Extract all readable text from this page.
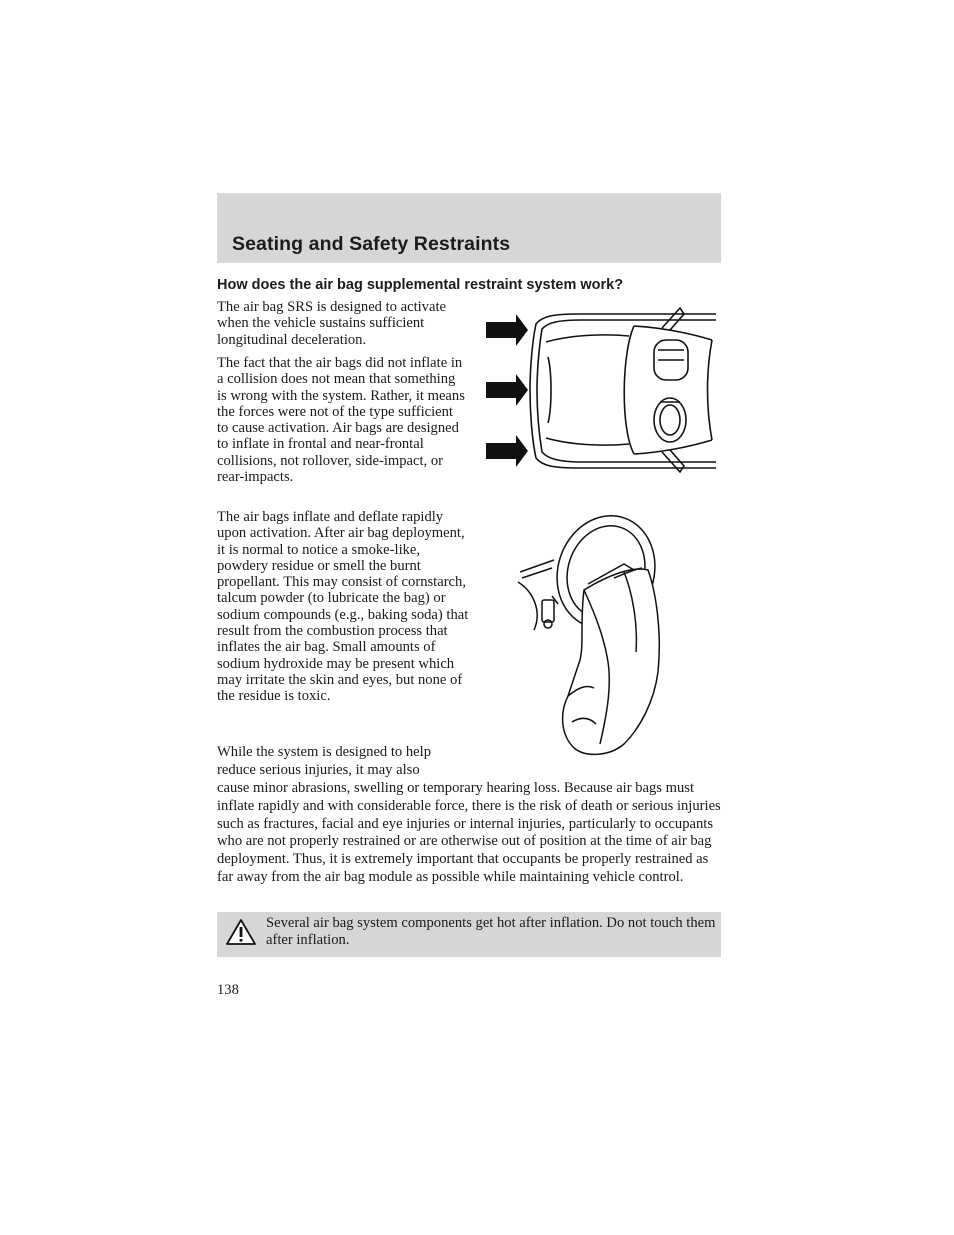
Seating and Safety Restraints
How does the air bag supplemental restraint system work?

The air bag SRS is designed to activate when the vehicle sustains sufficient longitudinal deceleration.

The fact that the air bags did not inflate in a collision does not mean that something is wrong with the system. Rather, it means the forces were not of the type sufficient to cause activation. Air bags are designed to inflate in frontal and near-frontal collisions, not rollover, side-impact, or rear-impacts.

The air bags inflate and deflate rapidly upon activation. After air bag deployment, it is normal to notice a smoke-like, powdery residue or smell the burnt propellant. This may consist of cornstarch, talcum powder (to lubricate the bag) or sodium compounds (e.g., baking soda) that result from the combustion process that inflates the air bag. Small amounts of sodium hydroxide may be present which may irritate the skin and eyes, but none of the residue is toxic.

While the system is designed to help
reduce serious injuries, it may also

cause minor abrasions, swelling or temporary hearing loss. Because air bags must inflate rapidly and with considerable force, there is the risk of death or serious injuries such as fractures, facial and eye injuries or internal injuries, particularly to occupants who are not properly restrained or are otherwise out of position at the time of air bag deployment. Thus, it is extremely important that occupants be properly restrained as far away from the air bag module as possible while maintaining vehicle control.

Several air bag system components get hot after inflation. Do not touch them after inflation.

138
